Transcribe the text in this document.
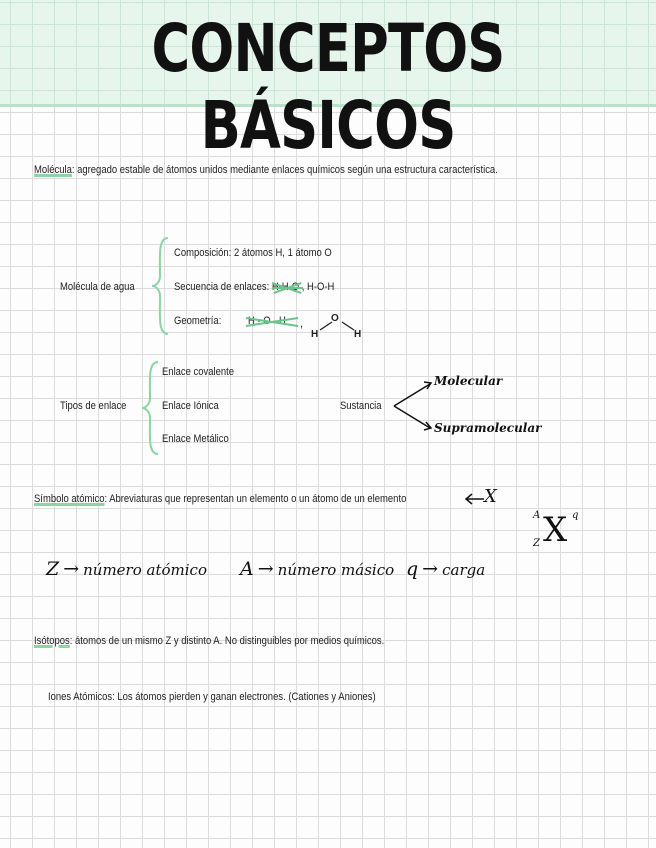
CONCEPTOS BÁSICOS
Molécula: agregado estable de átomos unidos mediante enlaces químicos según una estructura característica.
Molécula de agua
Composición: 2 átomos H, 1 átomo O
Secuencia de enlaces: H-H-O , H-O-H
Geometría:	H - O - H	,
H
O
H
Tipos de enlace
Enlace covalente
Enlace Iónica
Enlace Metálico
Sustancia
Molecular
Supramolecular
Símbolo atómico: Abreviaturas que representan un elemento o un átomo de un elemento	X
A
Z X q
Z → número atómico A → número másico q → carga
Isótopos: átomos de un mismo Z y distinto A. No distinguibles por medios químicos.
Iones Atómicos: Los átomos pierden y ganan electrones. (Cationes y Aniones)
